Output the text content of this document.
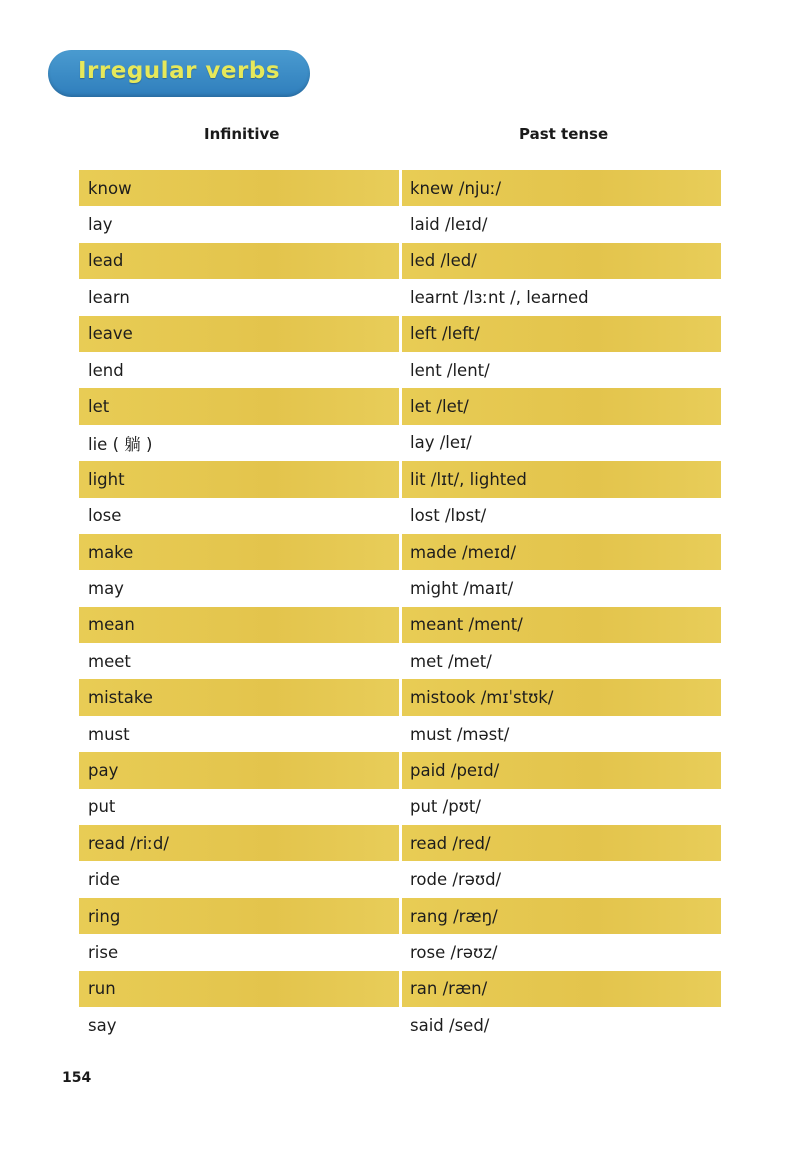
Irregular verbs
Infinitive	Past tense
know	knew /njuː/
lay	laid /leɪd/
lead	led /led/
learn	learnt /lɜːnt /, learned
leave	left /left/
lend	lent /lent/
let	let /let/
lie ( 躺 )	lay /leɪ/
light	lit /lɪt/, lighted
lose	lost /lɒst/
make	made /meɪd/
may	might /maɪt/
mean	meant /ment/
meet	met /met/
mistake	mistook /mɪˈstʊk/
must	must /məst/
pay	paid /peɪd/
put	put /pʊt/
read /riːd/	read /red/
ride	rode /rəʊd/
ring	rang /ræŋ/
rise	rose /rəʊz/
run	ran /ræn/
say	said /sed/
154
